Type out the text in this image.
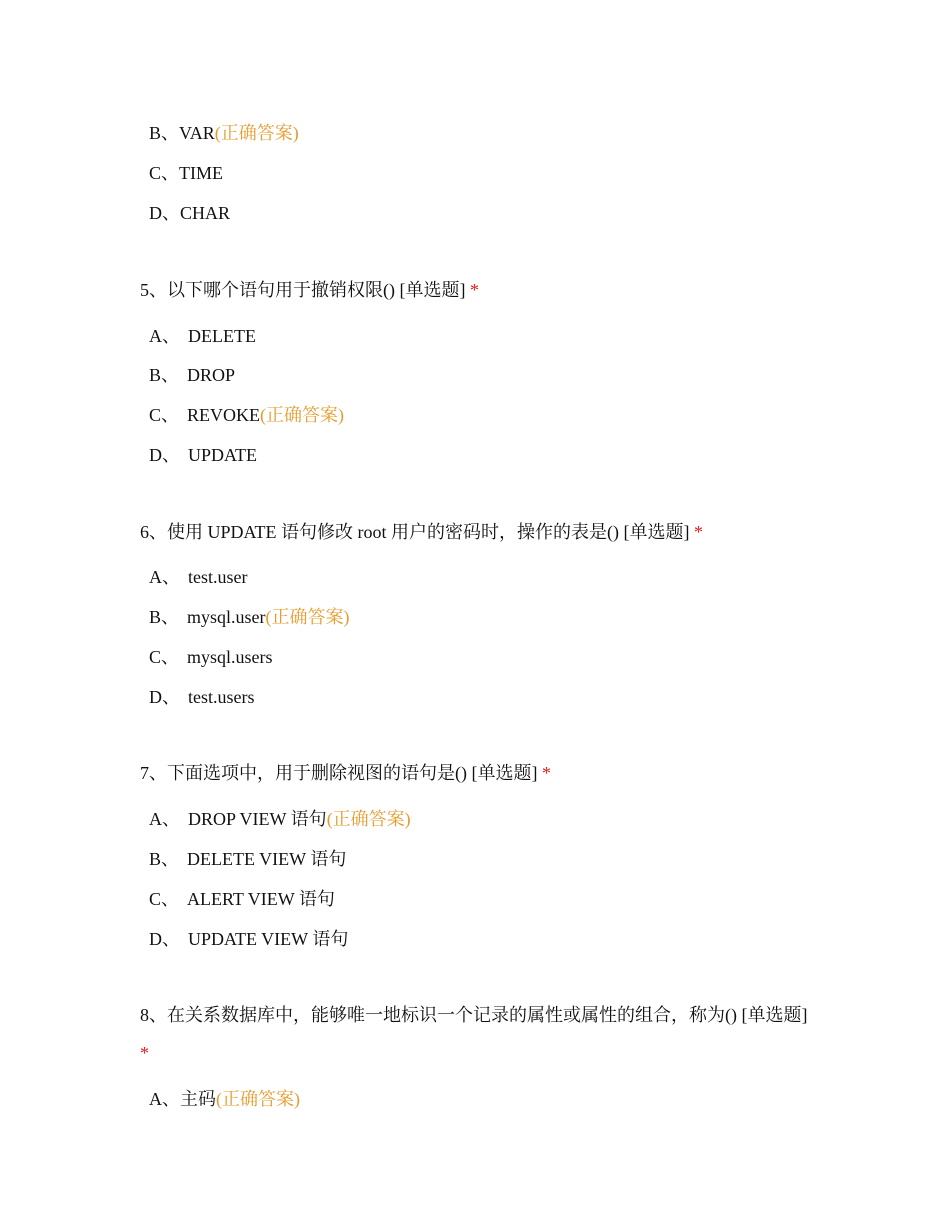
B、VAR(正确答案)
C、TIME
D、CHAR
5、以下哪个语句用于撤销权限() [单选题] *
A、 DELETE
B、 DROP
C、 REVOKE(正确答案)
D、 UPDATE
6、使用 UPDATE 语句修改 root 用户的密码时，操作的表是() [单选题] *
A、 test.user
B、 mysql.user(正确答案)
C、 mysql.users
D、 test.users
7、下面选项中，用于删除视图的语句是() [单选题] *
A、 DROP VIEW 语句(正确答案)
B、 DELETE VIEW 语句
C、 ALERT VIEW 语句
D、 UPDATE VIEW 语句
8、在关系数据库中，能够唯一地标识一个记录的属性或属性的组合，称为() [单选题] *
A、主码(正确答案)
